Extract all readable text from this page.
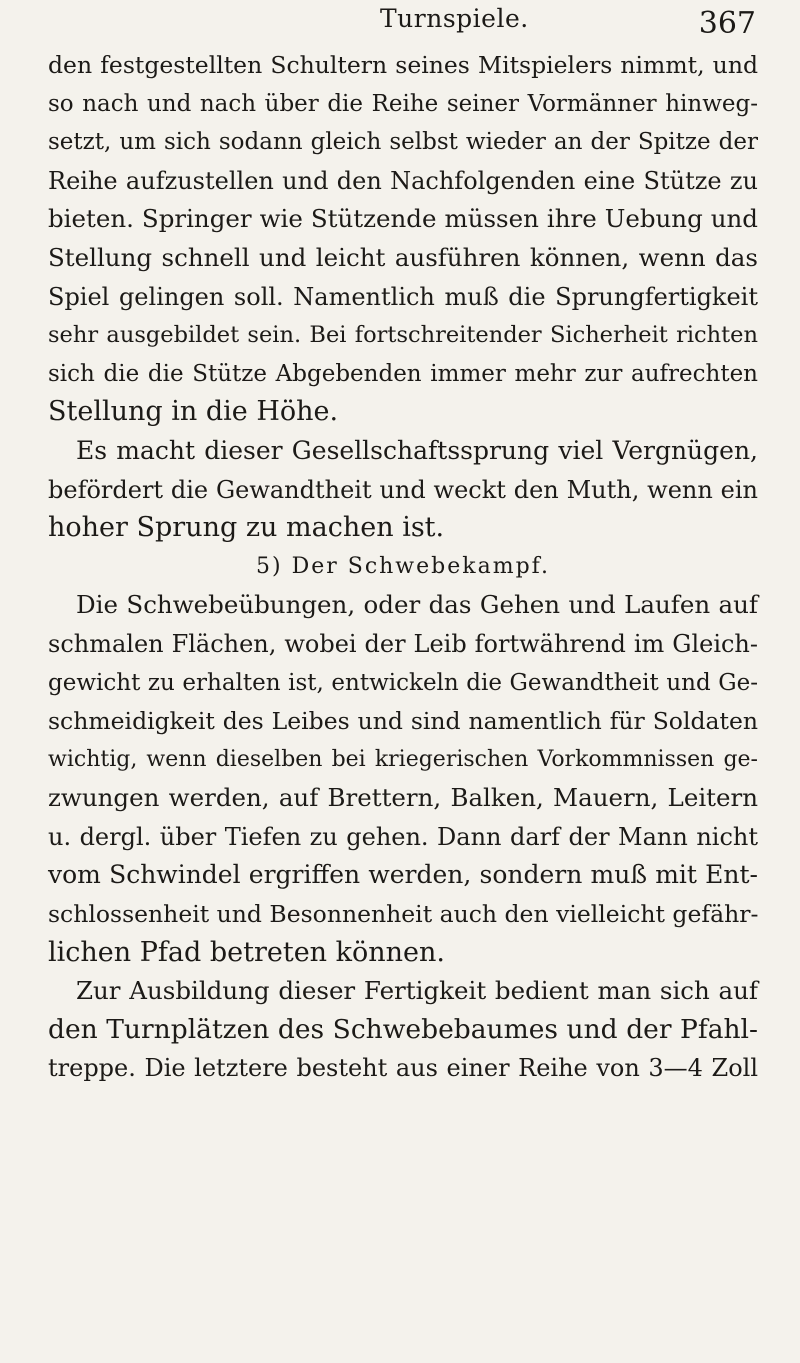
Turnspiele.	367
den festgestellten Schultern seines Mitspielers nimmt, und
so nach und nach über die Reihe seiner Vormänner hinweg-
setzt, um sich sodann gleich selbst wieder an der Spitze der
Reihe aufzustellen und den Nachfolgenden eine Stütze zu
bieten. Springer wie Stützende müssen ihre Uebung und
Stellung schnell und leicht ausführen können, wenn das
Spiel gelingen soll. Namentlich muß die Sprungfertigkeit
sehr ausgebildet sein. Bei fortschreitender Sicherheit richten
sich die die Stütze Abgebenden immer mehr zur aufrechten
Stellung in die Höhe.
Es macht dieser Gesellschaftssprung viel Vergnügen,
befördert die Gewandtheit und weckt den Muth, wenn ein
hoher Sprung zu machen ist.
5) Der Schwebekampf.
Die Schwebeübungen, oder das Gehen und Laufen auf
schmalen Flächen, wobei der Leib fortwährend im Gleich-
gewicht zu erhalten ist, entwickeln die Gewandtheit und Ge-
schmeidigkeit des Leibes und sind namentlich für Soldaten
wichtig, wenn dieselben bei kriegerischen Vorkommnissen ge-
zwungen werden, auf Brettern, Balken, Mauern, Leitern
u. dergl. über Tiefen zu gehen. Dann darf der Mann nicht
vom Schwindel ergriffen werden, sondern muß mit Ent-
schlossenheit und Besonnenheit auch den vielleicht gefähr-
lichen Pfad betreten können.
Zur Ausbildung dieser Fertigkeit bedient man sich auf
den Turnplätzen des Schwebebaumes und der Pfahl-
treppe. Die letztere besteht aus einer Reihe von 3—4 Zoll
